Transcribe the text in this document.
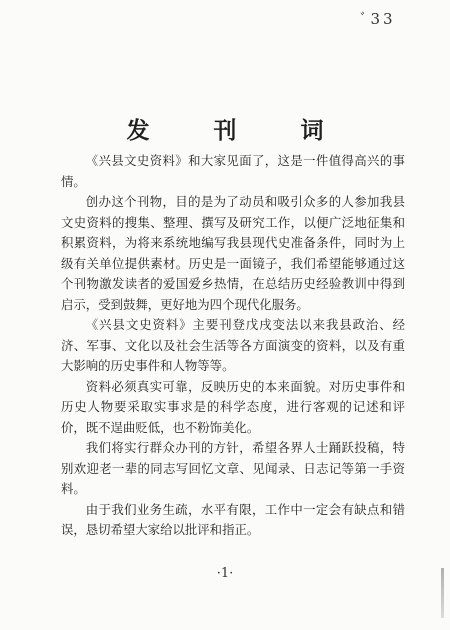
ﾞ33
发 刊 词

《兴县文史资料》和大家见面了，这是一件值得高兴的事情。

创办这个刊物，目的是为了动员和吸引众多的人参加我县文史资料的搜集、整理、撰写及研究工作，以便广泛地征集和积累资料，为将来系统地编写我县现代史准备条件，同时为上级有关单位提供素材。历史是一面镜子，我们希望能够通过这个刊物激发读者的爱国爱乡热情，在总结历史经验教训中得到启示，受到鼓舞，更好地为四个现代化服务。

《兴县文史资料》主要刊登戊戌变法以来我县政治、经济、军事、文化以及社会生活等各方面演变的资料，以及有重大影响的历史事件和人物等等。

资料必须真实可靠，反映历史的本来面貌。对历史事件和历史人物要采取实事求是的科学态度，进行客观的记述和评价，既不逞曲贬低，也不粉饰美化。

我们将实行群众办刊的方针，希望各界人士踊跃投稿，特别欢迎老一辈的同志写回忆文章、见闻录、日志记等第一手资料。

由于我们业务生疏，水平有限，工作中一定会有缺点和错误，恳切希望大家给以批评和指正。

·1·
